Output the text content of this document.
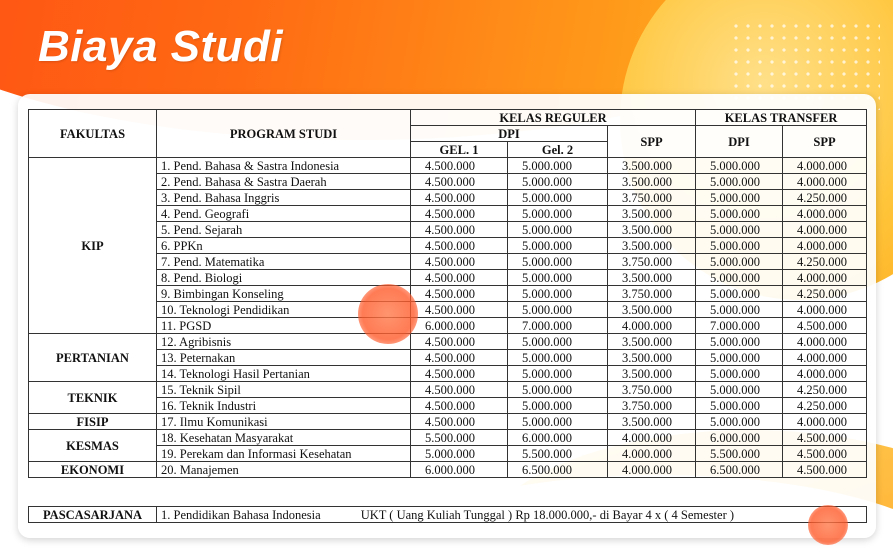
Biaya Studi
FAKULTAS	PROGRAM STUDI	KELAS REGULER			KELAS TRANSFER	
		DPI		SPP	DPI	SPP
		GEL. 1	Gel. 2			
KIP	1. Pend. Bahasa & Sastra Indonesia	4.500.000	5.000.000	3.500.000	5.000.000	4.000.000
	2. Pend. Bahasa & Sastra Daerah	4.500.000	5.000.000	3.500.000	5.000.000	4.000.000
	3. Pend. Bahasa Inggris	4.500.000	5.000.000	3.750.000	5.000.000	4.250.000
	4. Pend. Geografi	4.500.000	5.000.000	3.500.000	5.000.000	4.000.000
	5. Pend. Sejarah	4.500.000	5.000.000	3.500.000	5.000.000	4.000.000
	6. PPKn	4.500.000	5.000.000	3.500.000	5.000.000	4.000.000
	7. Pend. Matematika	4.500.000	5.000.000	3.750.000	5.000.000	4.250.000
	8. Pend. Biologi	4.500.000	5.000.000	3.500.000	5.000.000	4.000.000
	9. Bimbingan Konseling	4.500.000	5.000.000	3.750.000	5.000.000	4.250.000
	10. Teknologi Pendidikan	4.500.000	5.000.000	3.500.000	5.000.000	4.000.000
	11. PGSD	6.000.000	7.000.000	4.000.000	7.000.000	4.500.000
PERTANIAN	12. Agribisnis	4.500.000	5.000.000	3.500.000	5.000.000	4.000.000
	13. Peternakan	4.500.000	5.000.000	3.500.000	5.000.000	4.000.000
	14. Teknologi Hasil Pertanian	4.500.000	5.000.000	3.500.000	5.000.000	4.000.000
TEKNIK	15. Teknik Sipil	4.500.000	5.000.000	3.750.000	5.000.000	4.250.000
	16. Teknik Industri	4.500.000	5.000.000	3.750.000	5.000.000	4.250.000
FISIP	17. Ilmu Komunikasi	4.500.000	5.000.000	3.500.000	5.000.000	4.000.000
KESMAS	18. Kesehatan Masyarakat	5.500.000	6.000.000	4.000.000	6.000.000	4.500.000
	19. Perekam dan Informasi Kesehatan	5.000.000	5.500.000	4.000.000	5.500.000	4.500.000
EKONOMI	20. Manajemen	6.000.000	6.500.000	4.000.000	6.500.000	4.500.000
PASCASARJANA	1. Pendidikan Bahasa Indonesia	UKT ( Uang Kuliah Tunggal ) Rp 18.000.000,- di Bayar 4 x ( 4 Semester )
